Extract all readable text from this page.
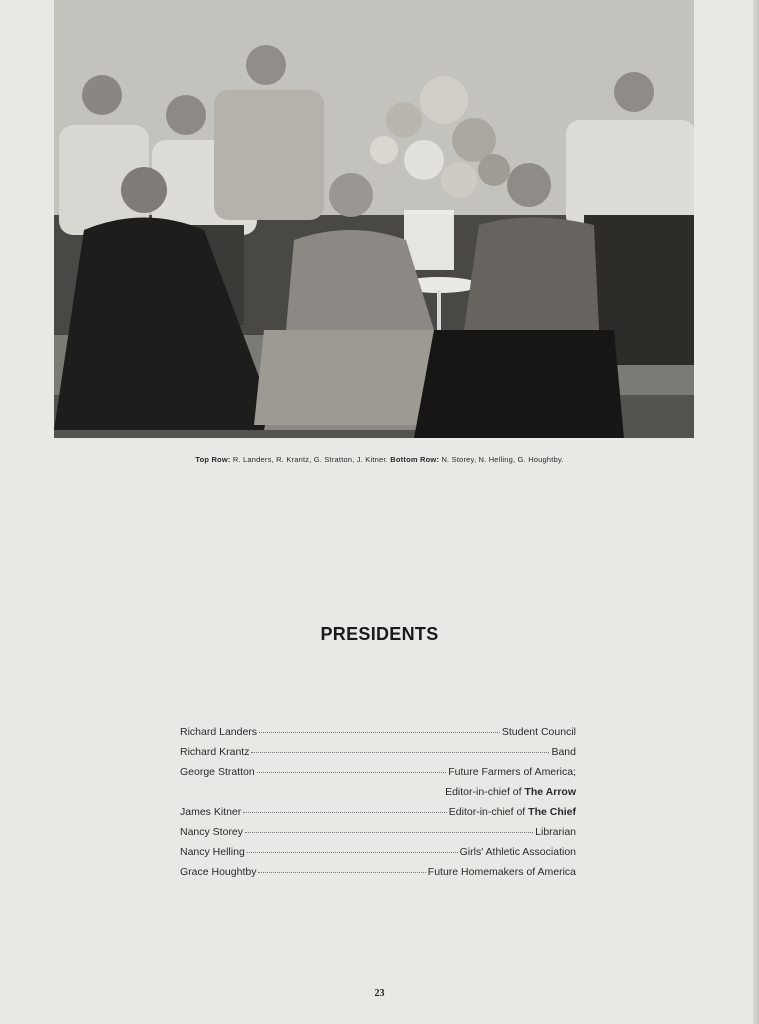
Top Row: R. Landers, R. Krantz, G. Stratton, J. Kitner. Bottom Row: N. Storey, N. Helling, G. Houghtby.
PRESIDENTS
Richard Landers	Student Council
Richard Krantz	Band
George Stratton	Future Farmers of America;
Editor-in-chief of The Arrow
James Kitner	Editor-in-chief of The Chief
Nancy Storey	Librarian
Nancy Helling	Girls' Athletic Association
Grace Houghtby	Future Homemakers of America
23
